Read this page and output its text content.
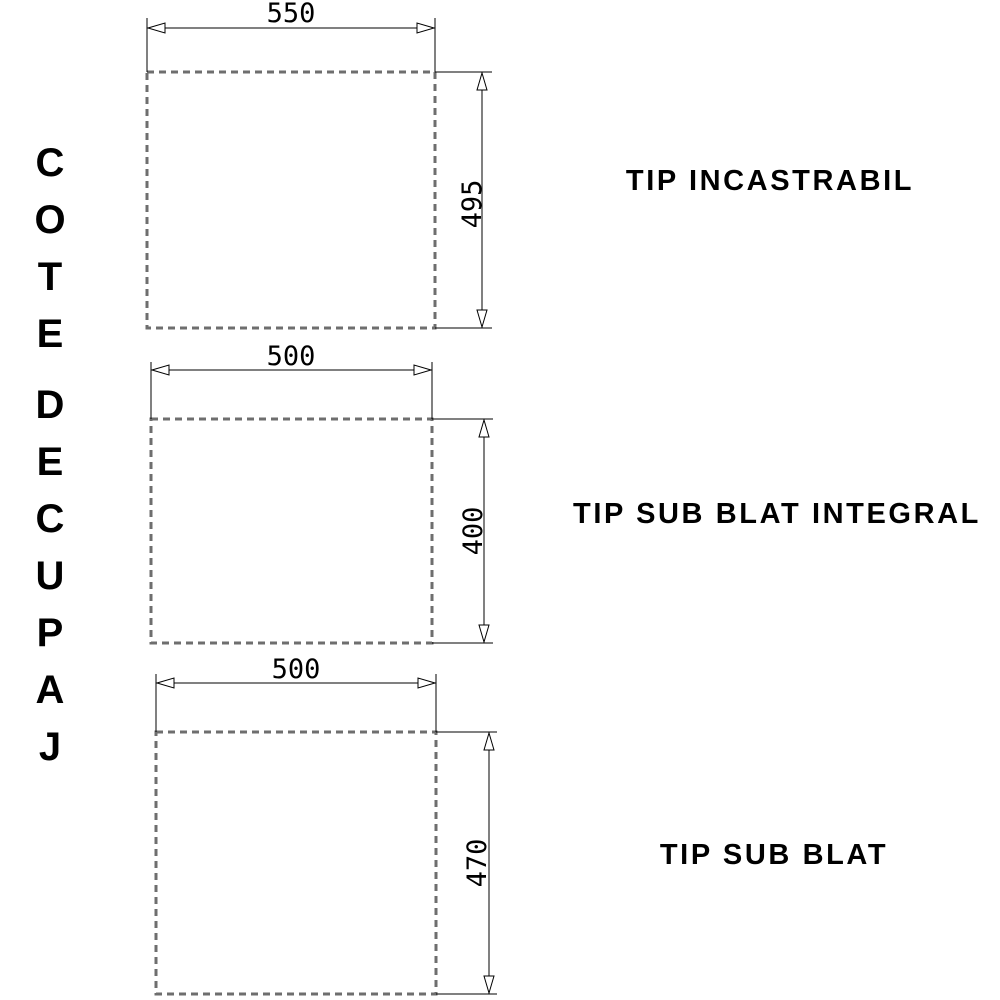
C
O
T
E
D
E
C
U
P
A
J
550
495	TIP INCASTRABIL
500
400	TIP SUB BLAT INTEGRAL
500
470	TIP SUB BLAT
